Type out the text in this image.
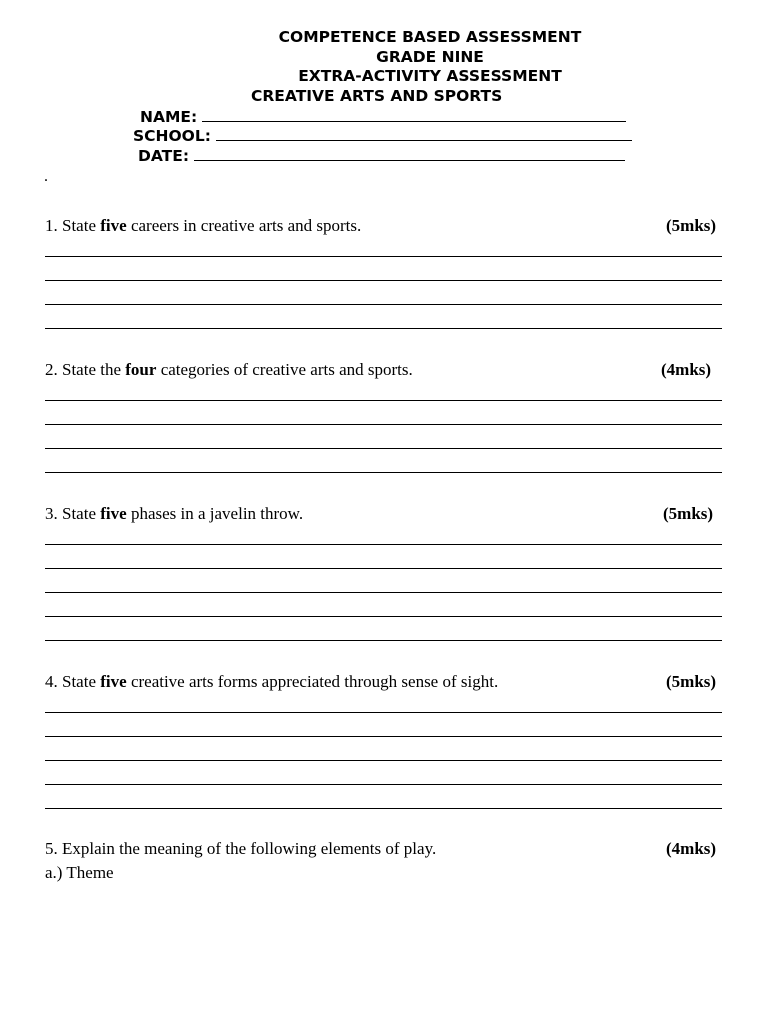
COMPETENCE BASED ASSESSMENT
GRADE NINE
EXTRA-ACTIVITY ASSESSMENT
CREATIVE ARTS AND SPORTS
NAME:
SCHOOL:
DATE:
.
1. State five careers in creative arts and sports.	(5mks)
2. State the four categories of creative arts and sports.	(4mks)
3. State five phases in a javelin throw.	(5mks)
4. State five creative arts forms appreciated through sense of sight.	(5mks)
5. Explain the meaning of the following elements of play.	(4mks)
a.) Theme
